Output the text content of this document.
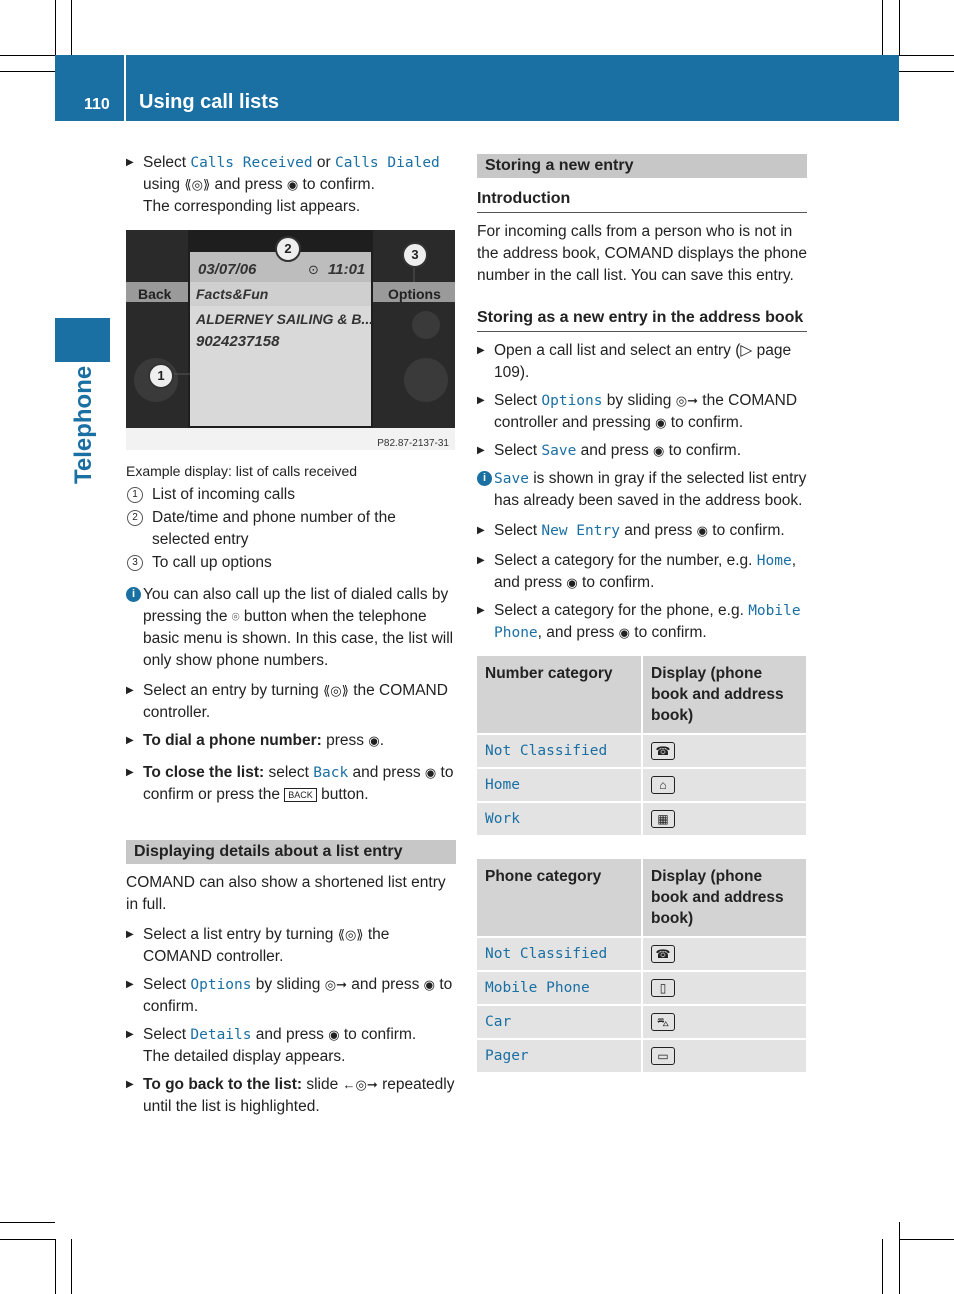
110 Using call lists
Telephone
▶ Select Calls Received or Calls Dialed using ⟪◎⟫ and press ◉ to confirm.
The corresponding list appears.
03/07/06	⊙ 11:01
Back	Options
Facts&Fun
ALDERNEY SAILING & B...
9024237158
1
2	3
P82.87-2137-31
Example display: list of calls received
1 List of incoming calls
2 Date/time and phone number of the selected entry
3 To call up options
i You can also call up the list of dialed calls by pressing the ⌾ button when the telephone basic menu is shown. In this case, the list will only show phone numbers.
▶ Select an entry by turning ⟪◎⟫ the COMAND controller.
▶ To dial a phone number: press ◉.
▶ To close the list: select Back and press ◉ to confirm or press the BACK button.
Displaying details about a list entry
COMAND can also show a shortened list entry in full.
▶ Select a list entry by turning ⟪◎⟫ the COMAND controller.
▶ Select Options by sliding ◎➞ and press ◉ to confirm.
▶ Select Details and press ◉ to confirm.
The detailed display appears.
▶ To go back to the list: slide ←◎➞ repeatedly until the list is highlighted.
Storing a new entry
Introduction
For incoming calls from a person who is not in the address book, COMAND displays the phone number in the call list. You can save this entry.
Storing as a new entry in the address book
▶ Open a call list and select an entry (▷ page 109).
▶ Select Options by sliding ◎➞ the COMAND controller and pressing ◉ to confirm.
▶ Select Save and press ◉ to confirm.
i Save is shown in gray if the selected list entry has already been saved in the address book.
▶ Select New Entry and press ◉ to confirm.
▶ Select a category for the number, e.g. Home, and press ◉ to confirm.
▶ Select a category for the phone, e.g. Mobile Phone, and press ◉ to confirm.
Number category	Display (phone book and address book)
Not Classified	☎
Home	⌂
Work	▦
Phone category	Display (phone book and address book)
Not Classified	☎
Mobile Phone	▯
Car	⛍
Pager	▭
